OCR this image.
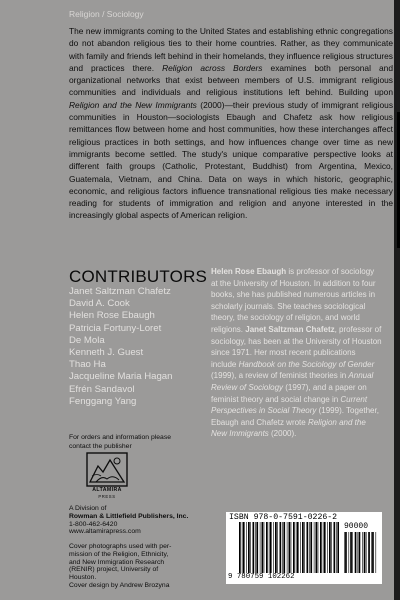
Religion / Sociology

The new immigrants coming to the United States and establishing ethnic congregations do not abandon religious ties to their home countries. Rather, as they communicate with family and friends left behind in their homelands, they influence religious structures and practices there. Religion across Borders examines both personal and organizational networks that exist between members of U.S. immigrant religious communities and individuals and religious institutions left behind. Building upon Religion and the New Immigrants (2000)—their previous study of immigrant religious communities in Houston—sociologists Ebaugh and Chafetz ask how religious remittances flow between home and host communities, how these interchanges affect religious practices in both settings, and how influences change over time as new immigrants become settled. The study's unique comparative perspective looks at different faith groups (Catholic, Protestant, Buddhist) from Argentina, Mexico, Guatemala, Vietnam, and China. Data on ways in which historic, geographic, economic, and religious factors influence transnational religious ties make necessary reading for students of immigration and religion and anyone interested in the increasingly global aspects of American religion.

CONTRIBUTORS
Janet Saltzman Chafetz
David A. Cook
Helen Rose Ebaugh
Patricia Fortuny-Loret
De Mola
Kenneth J. Guest
Thao Ha
Jacqueline Maria Hagan
Efrén Sandavol
Fenggang Yang

Helen Rose Ebaugh is professor of sociology at the University of Houston. In addition to four books, she has published numerous articles in scholarly journals. She teaches sociological theory, the sociology of religion, and world religions. Janet Saltzman Chafetz, professor of sociology, has been at the University of Houston since 1971. Her most recent publications include Handbook on the Sociology of Gender (1999), a review of feminist theories in Annual Review of Sociology (1997), and a paper on feminist theory and social change in Current Perspectives in Social Theory (1999). Together, Ebaugh and Chafetz wrote Religion and the New Immigrants (2000).

For orders and information please
contact the publisher
ALTAMIRA
PRESS
A Division of
Rowman & Littlefield Publishers, Inc.
1-800-462-6420
www.altamirapress.com
Cover photographs used with per-
mission of the Religion, Ethnicity,
and New Immigration Research
(RENIR) project, University of
Houston.
Cover design by Andrew Brozyna
ISBN 978-0-7591-0226-2
90000
9 780759 102262
